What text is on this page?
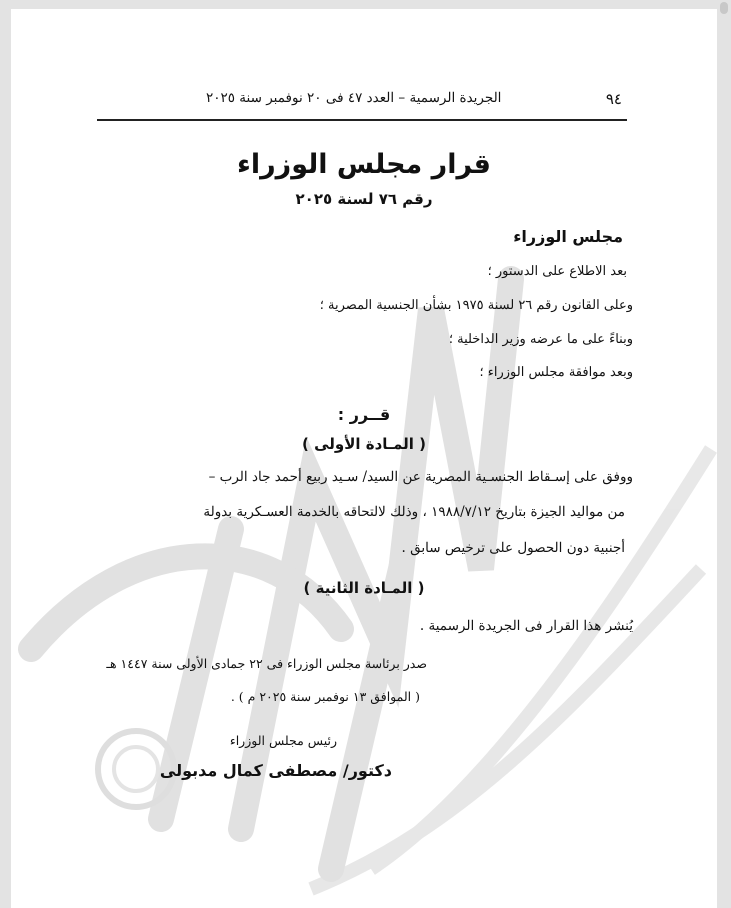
٩٤
الجريدة الرسمية – العدد ٤٧ فى ٢٠ نوفمبر سنة ٢٠٢٥
قرار مجلس الوزراء
رقم ٧٦ لسنة ٢٠٢٥
مجلس الوزراء
بعد الاطلاع على الدستور ؛
وعلى القانون رقم ٢٦ لسنة ١٩٧٥ بشأن الجنسية المصرية ؛
وبناءً على ما عرضه وزير الداخلية ؛
وبعد موافقة مجلس الوزراء ؛
قــرر :
( المـادة الأولى )
ووفق على إسـقاط الجنسـية المصرية عن السيد/ سـيد ربيع أحمد جاد الرب –
من مواليد الجيزة بتاريخ ١٩٨٨/٧/١٢ ، وذلك لالتحاقه بالخدمة العسـكرية بدولة
أجنبية دون الحصول على ترخيص سابق .
( المـادة الثانية )
يُنشر هذا القرار فى الجريدة الرسمية .
صدر برئاسة مجلس الوزراء فى ٢٢ جمادى الأولى سنة ١٤٤٧ هـ
( الموافق ١٣ نوفمبر سنة ٢٠٢٥ م ) .
رئيس مجلس الوزراء
دكتور/ مصطفى كمال مدبولى
